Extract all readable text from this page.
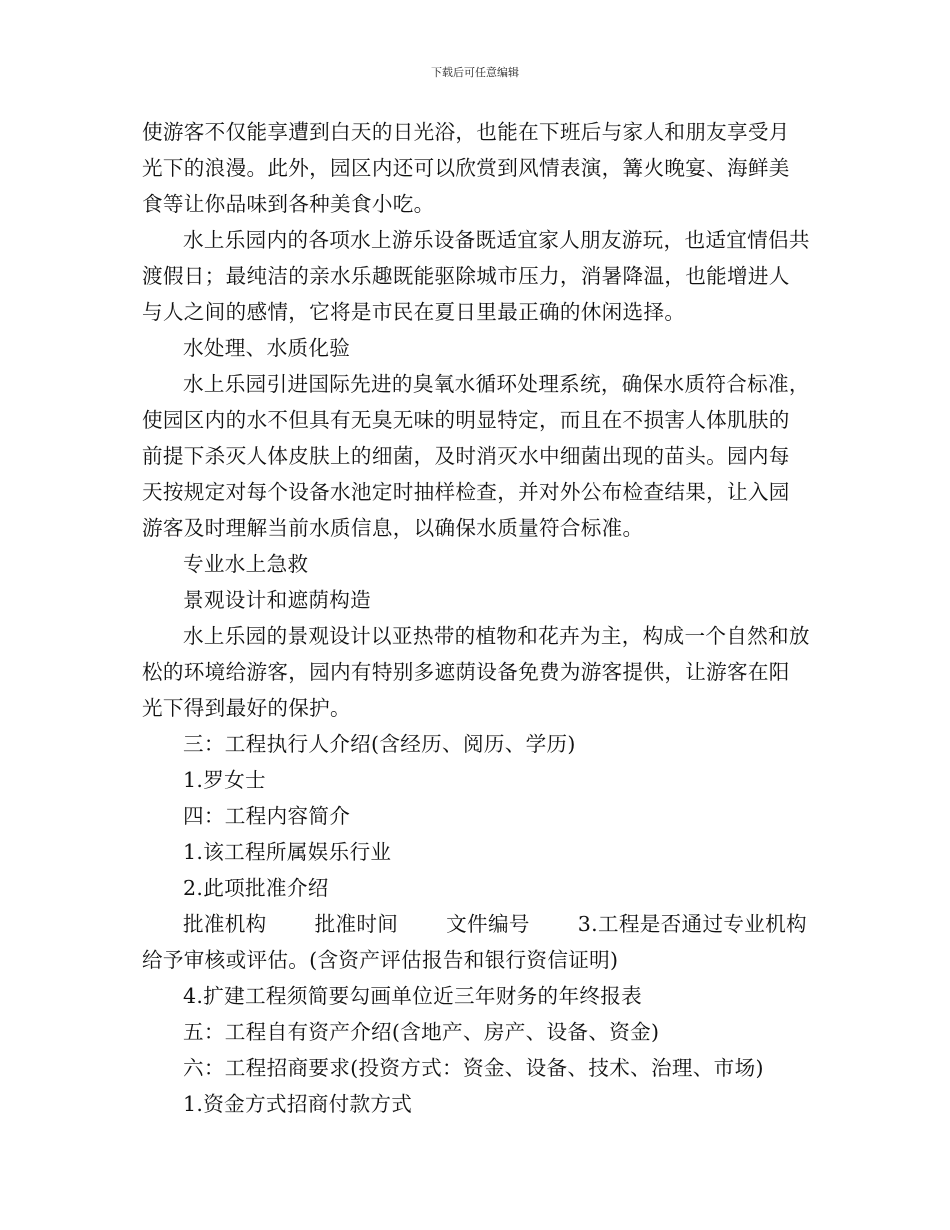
下载后可任意编辑

使游客不仅能享遭到白天的日光浴，也能在下班后与家人和朋友享受月光下的浪漫。此外，园区内还可以欣赏到风情表演，篝火晚宴、海鲜美食等让你品味到各种美食小吃。

水上乐园内的各项水上游乐设备既适宜家人朋友游玩，也适宜情侣共渡假日；最纯洁的亲水乐趣既能驱除城市压力，消暑降温，也能增进人与人之间的感情，它将是市民在夏日里最正确的休闲选择。

水处理、水质化验

水上乐园引进国际先进的臭氧水循环处理系统，确保水质符合标准，使园区内的水不但具有无臭无味的明显特定，而且在不损害人体肌肤的前提下杀灭人体皮肤上的细菌，及时消灭水中细菌出现的苗头。园内每天按规定对每个设备水池定时抽样检查，并对外公布检查结果，让入园游客及时理解当前水质信息，以确保水质量符合标准。

专业水上急救

景观设计和遮荫构造

水上乐园的景观设计以亚热带的植物和花卉为主，构成一个自然和放松的环境给游客，园内有特别多遮荫设备免费为游客提供，让游客在阳光下得到最好的保护。

三：工程执行人介绍(含经历、阅历、学历)

1.罗女士

四：工程内容简介

1.该工程所属娱乐行业

2.此项批准介绍

批准机构 批准时间 文件编号 3.工程是否通过专业机构给予审核或评估。(含资产评估报告和银行资信证明)

4.扩建工程须简要勾画单位近三年财务的年终报表

五：工程自有资产介绍(含地产、房产、设备、资金)

六：工程招商要求(投资方式：资金、设备、技术、治理、市场)

1.资金方式招商付款方式
